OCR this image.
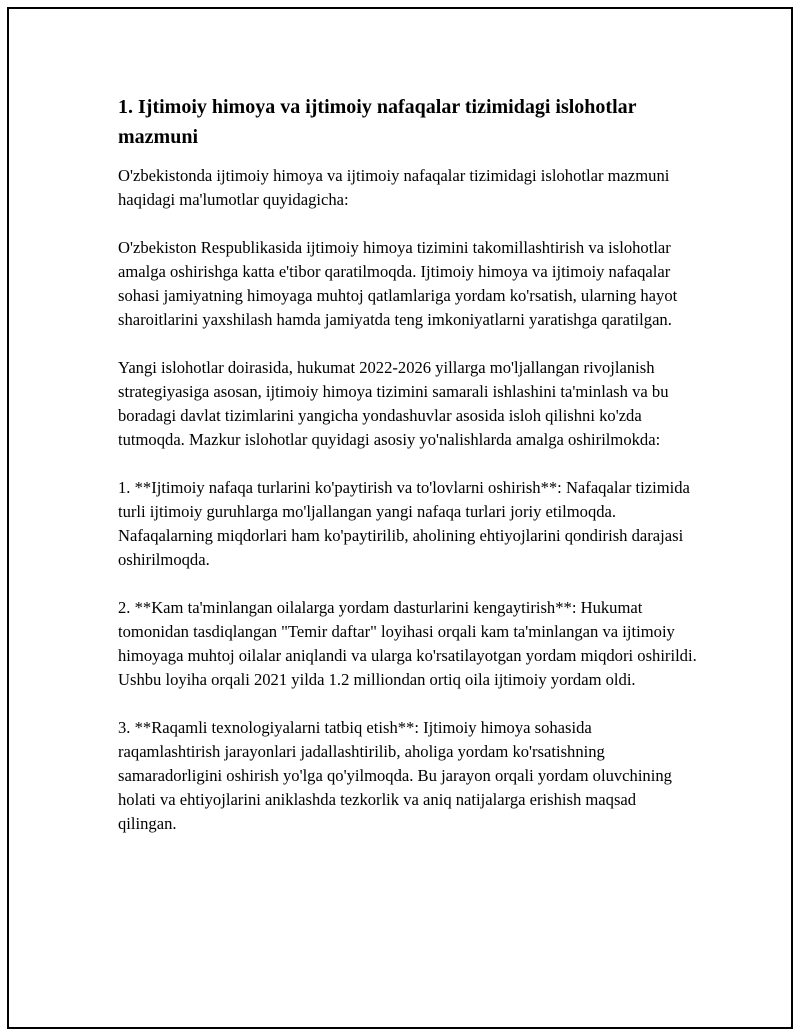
1. Ijtimoiy himoya va ijtimoiy nafaqalar tizimidagi islohotlar mazmuni

O'zbekistonda ijtimoiy himoya va ijtimoiy nafaqalar tizimidagi islohotlar mazmuni haqidagi ma'lumotlar quyidagicha:

O'zbekiston Respublikasida ijtimoiy himoya tizimini takomillashtirish va islohotlar amalga oshirishga katta e'tibor qaratilmoqda. Ijtimoiy himoya va ijtimoiy nafaqalar sohasi jamiyatning himoyaga muhtoj qatlamlariga yordam ko'rsatish, ularning hayot sharoitlarini yaxshilash hamda jamiyatda teng imkoniyatlarni yaratishga qaratilgan.

Yangi islohotlar doirasida, hukumat 2022-2026 yillarga mo'ljallangan rivojlanish strategiyasiga asosan, ijtimoiy himoya tizimini samarali ishlashini ta'minlash va bu boradagi davlat tizimlarini yangicha yondashuvlar asosida isloh qilishni ko'zda tutmoqda. Mazkur islohotlar quyidagi asosiy yo'nalishlarda amalga oshirilmokda:

1. **Ijtimoiy nafaqa turlarini ko'paytirish va to'lovlarni oshirish**: Nafaqalar tizimida turli ijtimoiy guruhlarga mo'ljallangan yangi nafaqa turlari joriy etilmoqda. Nafaqalarning miqdorlari ham ko'paytirilib, aholining ehtiyojlarini qondirish darajasi oshirilmoqda.

2. **Kam ta'minlangan oilalarga yordam dasturlarini kengaytirish**: Hukumat tomonidan tasdiqlangan "Temir daftar" loyihasi orqali kam ta'minlangan va ijtimoiy himoyaga muhtoj oilalar aniqlandi va ularga ko'rsatilayotgan yordam miqdori oshirildi. Ushbu loyiha orqali 2021 yilda 1.2 milliondan ortiq oila ijtimoiy yordam oldi.

3. **Raqamli texnologiyalarni tatbiq etish**: Ijtimoiy himoya sohasida raqamlashtirish jarayonlari jadallashtirilib, aholiga yordam ko'rsatishning samaradorligini oshirish yo'lga qo'yilmoqda. Bu jarayon orqali yordam oluvchining holati va ehtiyojlarini aniklashda tezkorlik va aniq natijalarga erishish maqsad qilingan.
